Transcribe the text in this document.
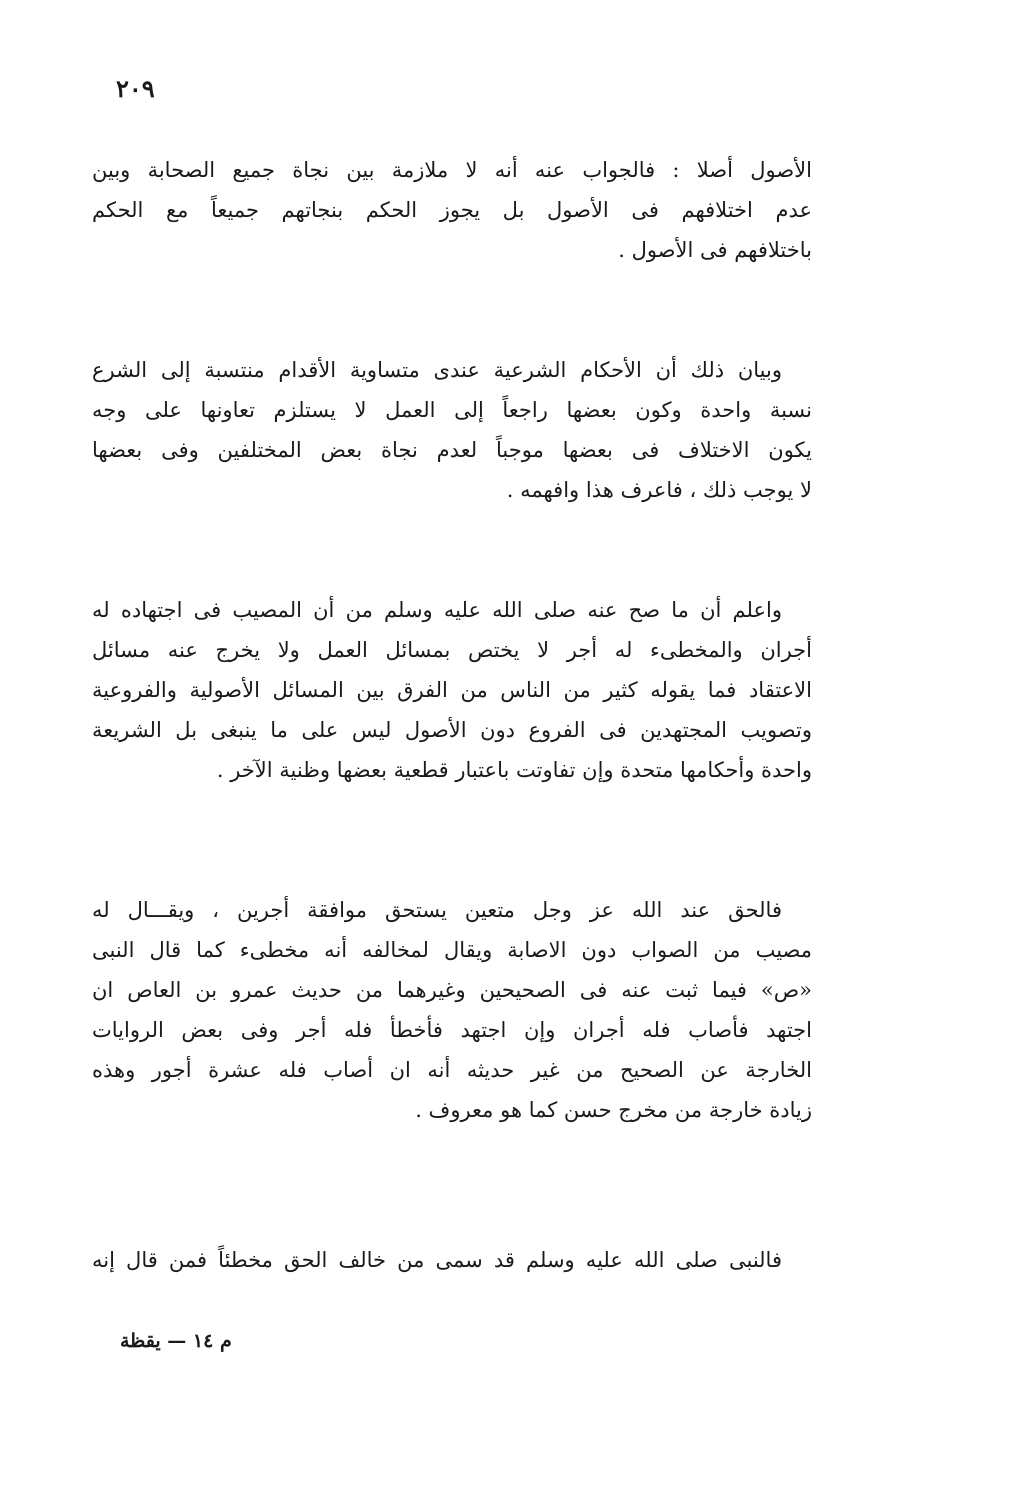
٢٠٩
الأصول أصلا : فالجواب عنه أنه لا ملازمة بين نجاة جميع الصحابة وبين
عدم اختلافهم فى الأصول بل يجوز الحكم بنجاتهم جميعاً مع الحكم
باختلافهم فى الأصول .
وبيان ذلك أن الأحكام الشرعية عندى متساوية الأقدام منتسبة إلى الشرع
نسبة واحدة وكون بعضها راجعاً إلى العمل لا يستلزم تعاونها على وجه
يكون الاختلاف فى بعضها موجباً لعدم نجاة بعض المختلفين وفى بعضها
لا يوجب ذلك ، فاعرف هذا وافهمه .
واعلم أن ما صح عنه صلى الله عليه وسلم من أن المصيب فى اجتهاده له
أجران والمخطىء له أجر لا يختص بمسائل العمل ولا يخرج عنه مسائل
الاعتقاد فما يقوله كثير من الناس من الفرق بين المسائل الأصولية والفروعية
وتصويب المجتهدين فى الفروع دون الأصول ليس على ما ينبغى بل الشريعة
واحدة وأحكامها متحدة وإن تفاوتت باعتبار قطعية بعضها وظنية الآخر .
فالحق عند الله عز وجل متعين يستحق موافقة أجرين ، ويقـــال له
مصيب من الصواب دون الاصابة ويقال لمخالفه أنه مخطىء كما قال النبى
«ص» فيما ثبت عنه فى الصحيحين وغيرهما من حديث عمرو بن العاص ان
اجتهد فأصاب فله أجران وإن اجتهد فأخطأ فله أجر وفى بعض الروايات
الخارجة عن الصحيح من غير حديثه أنه ان أصاب فله عشرة أجور وهذه
زيادة خارجة من مخرج حسن كما هو معروف .
فالنبى صلى الله عليه وسلم قد سمى من خالف الحق مخطئاً فمن قال إنه
م ١٤ — يقظة
